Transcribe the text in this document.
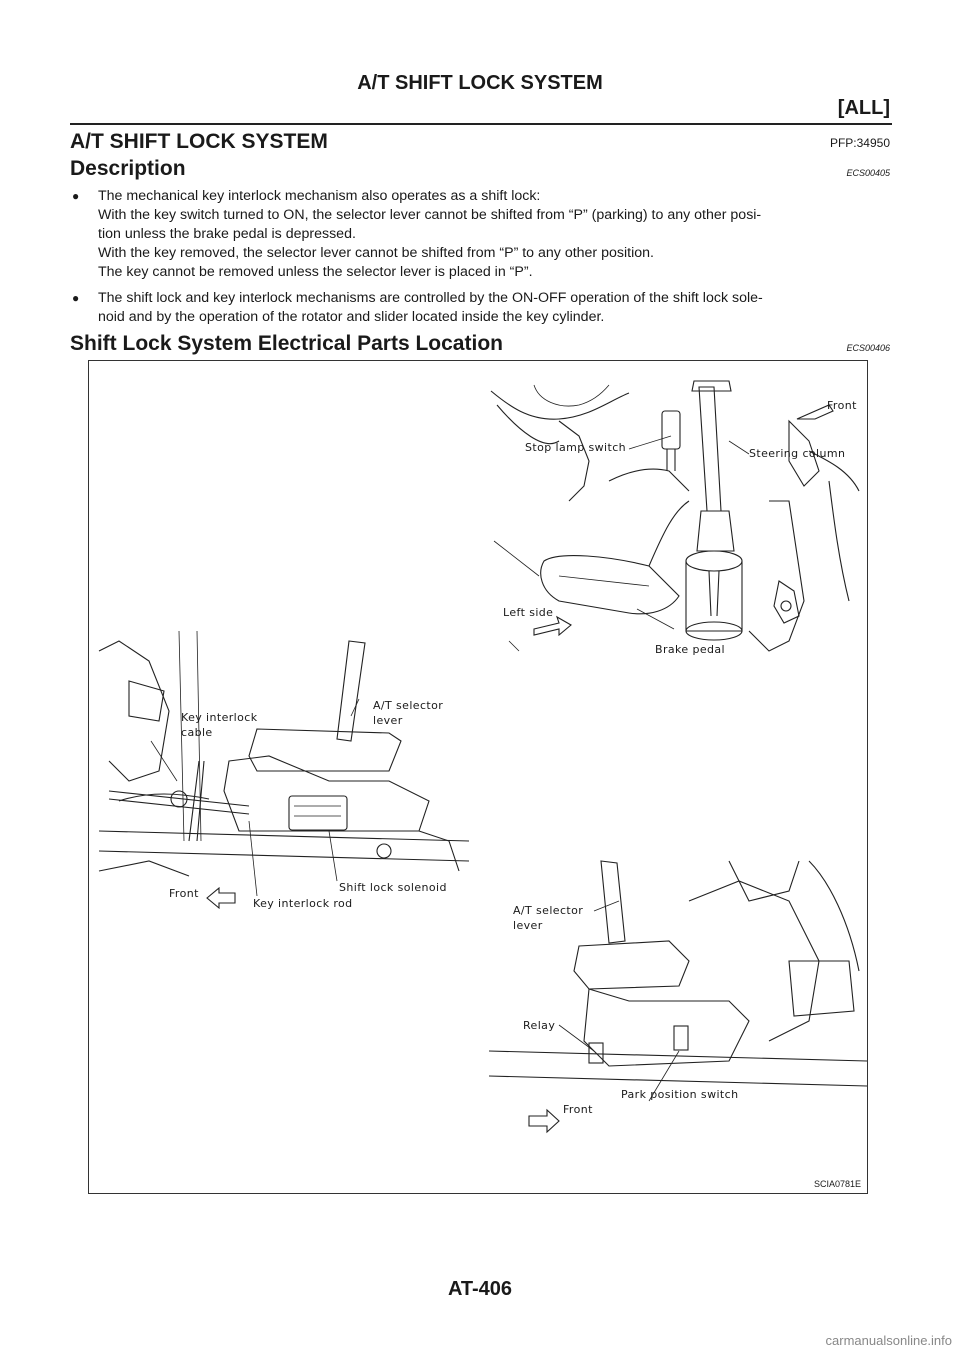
A/T SHIFT LOCK SYSTEM
[ALL]
A/T SHIFT LOCK SYSTEM	PFP:34950
Description	ECS00405
● The mechanical key interlock mechanism also operates as a shift lock:
With the key switch turned to ON, the selector lever cannot be shifted from “P” (parking) to any other posi-
tion unless the brake pedal is depressed.
With the key removed, the selector lever cannot be shifted from “P” to any other position.
The key cannot be removed unless the selector lever is placed in “P”.
● The shift lock and key interlock mechanisms are controlled by the ON-OFF operation of the shift lock sole-
noid and by the operation of the rotator and slider located inside the key cylinder.
Shift Lock System Electrical Parts Location	ECS00406
Front
Stop lamp switch	Steering column
Left side
Brake pedal
Key interlock
cable
A/T selector
lever
Front
Key interlock rod
Shift lock solenoid
A/T selector
lever
Relay
Park position switch
Front
SCIA0781E
AT-406
carmanualsonline.info
